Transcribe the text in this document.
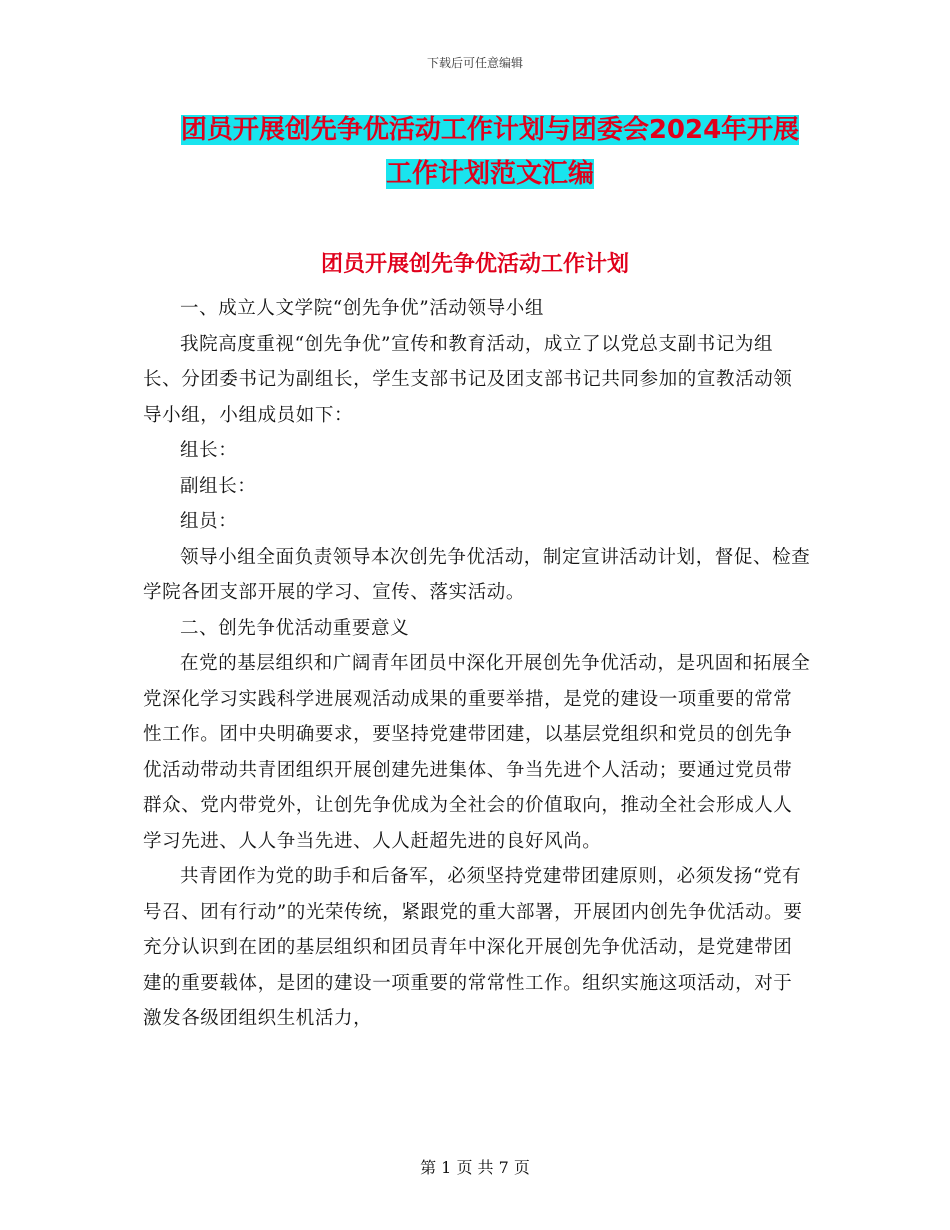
下载后可任意编辑
团员开展创先争优活动工作计划与团委会2024年开展
工作计划范文汇编
团员开展创先争优活动工作计划

一、成立人文学院“创先争优”活动领导小组

我院高度重视“创先争优”宣传和教育活动，成立了以党总支副书记为组长、分团委书记为副组长，学生支部书记及团支部书记共同参加的宣教活动领导小组，小组成员如下：

组长：

副组长：

组员：

领导小组全面负责领导本次创先争优活动，制定宣讲活动计划，督促、检查学院各团支部开展的学习、宣传、落实活动。

二、创先争优活动重要意义

在党的基层组织和广阔青年团员中深化开展创先争优活动，是巩固和拓展全党深化学习实践科学进展观活动成果的重要举措，是党的建设一项重要的常常性工作。团中央明确要求，要坚持党建带团建，以基层党组织和党员的创先争优活动带动共青团组织开展创建先进集体、争当先进个人活动；要通过党员带群众、党内带党外，让创先争优成为全社会的价值取向，推动全社会形成人人学习先进、人人争当先进、人人赶超先进的良好风尚。

共青团作为党的助手和后备军，必须坚持党建带团建原则，必须发扬“党有号召、团有行动”的光荣传统，紧跟党的重大部署，开展团内创先争优活动。要充分认识到在团的基层组织和团员青年中深化开展创先争优活动，是党建带团建的重要载体，是团的建设一项重要的常常性工作。组织实施这项活动，对于激发各级团组织生机活力，

第 1 页 共 7 页
